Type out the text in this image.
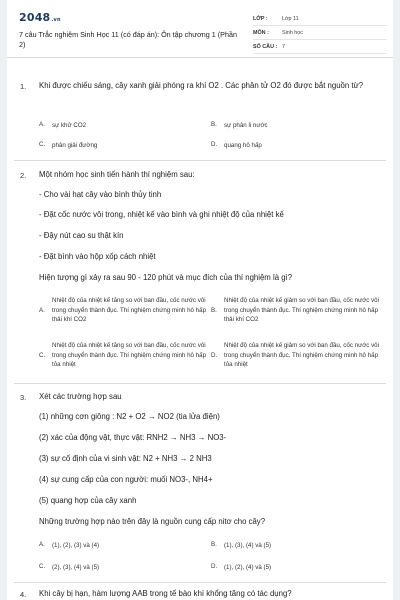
2048.vn
7 câu Trắc nghiệm Sinh Học 11 (có đáp án): Ôn tập chương 1 (Phần 2)
LỚP :	Lớp 11
MÔN :	Sinh học
SỐ CÂU : 7
1. Khi được chiếu sáng, cây xanh giải phóng ra khí O2 . Các phân tử O2 đó được bắt nguồn từ?
A.	sự khử CO2	B.	sự phân li nước
C.	phân giải đường	D.	quang hô hấp
2. Một nhóm học sinh tiến hành thí nghiệm sau:
- Cho vài hạt cây vào bình thủy tinh
- Đặt cốc nước vôi trong, nhiệt kế vào bình và ghi nhiệt độ của nhiệt kế
- Đậy nút cao su thật kín
- Đặt bình vào hộp xốp cách nhiệt
Hiện tượng gì xảy ra sau 90 - 120 phút và mục đích của thí nghiệm là gì?
A.
Nhiệt độ của nhiệt kế tăng so với ban đầu, cốc nước vôi trong chuyển thành đục. Thí nghiệm chứng minh hô hấp thải khí CO2
B.
Nhiệt độ của nhiệt kế giảm so với ban đầu, cốc nước vôi trong chuyển thành đục. Thí nghiệm chứng minh hô hấp thải khí CO2
C.
Nhiệt độ của nhiệt kế tăng so với ban đầu, cốc nước vôi trong chuyển thành đục. Thí nghiệm chứng minh hô hấp tỏa nhiệt
D.
Nhiệt độ của nhiệt kế giảm so với ban đầu, cốc nước vôi trong chuyển thành đục. Thí nghiệm chứng minh hô hấp tỏa nhiệt
3. Xét các trường hợp sau
(1) những cơn giông : N2 + O2 → NO2 (tia lửa điện)
(2) xác của động vật, thực vật: RNH2 → NH3 → NO3-
(3) sự cố định của vi sinh vật: N2 + NH3 → 2 NH3
(4) sự cung cấp của con người: muối NO3-, NH4+
(5) quang hợp của cây xanh
Những trường hợp nào trên đây là nguồn cung cấp nitơ cho cây?
A.	(1), (2), (3) và (4)	B.	(1), (3), (4) và (5)
C.	(2), (3), (4) và (5)	D.	(1), (2), (4) và (5)
4. Khi cây bị hạn, hàm lượng AAB trong tế bào khí khổng tăng có tác dụng?
